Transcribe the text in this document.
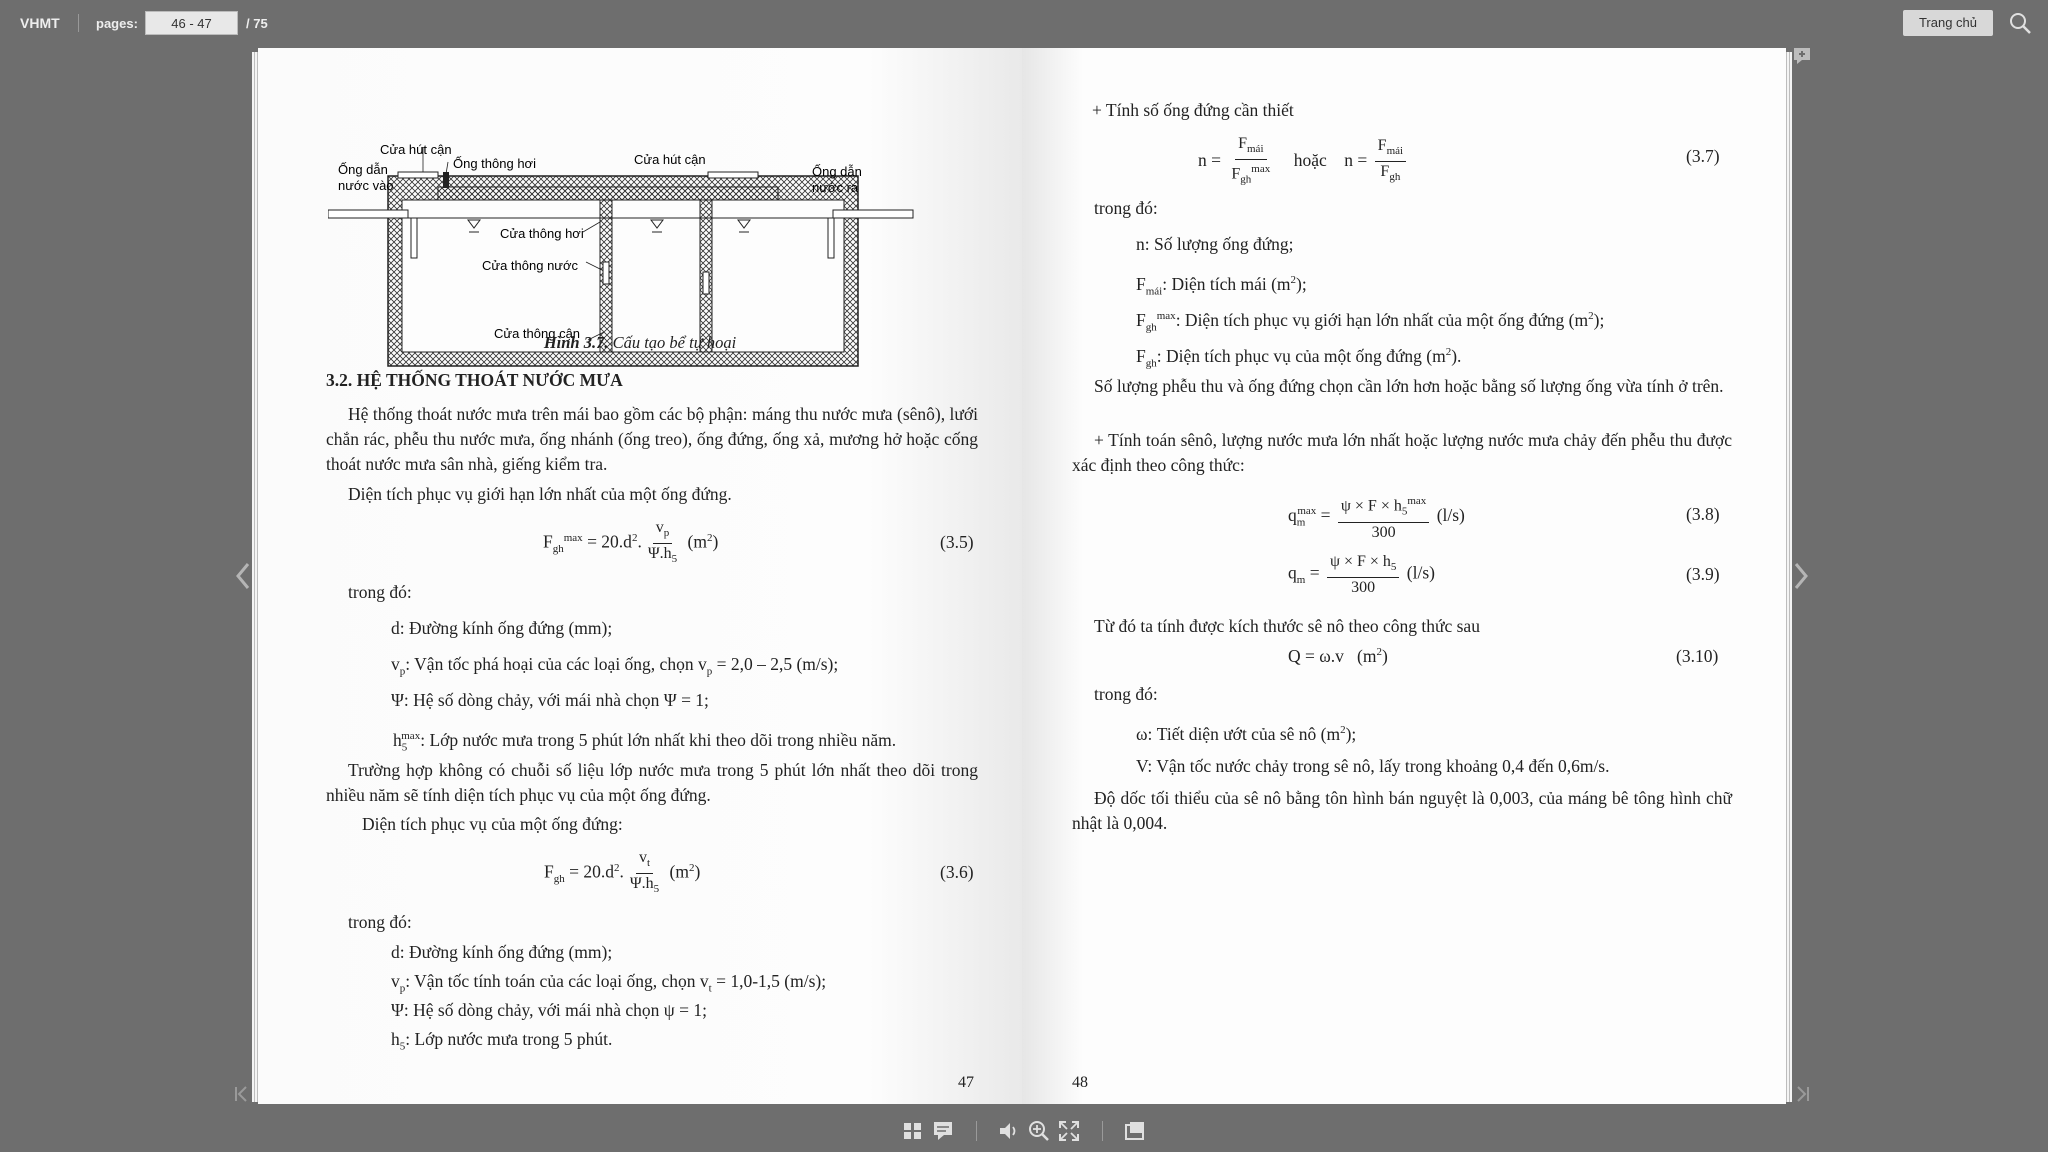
VHMT	pages:
46 - 47	/ 75	Trang chủ
Cửa hút cận
Ống thông hơi
Ống dẫn
nước vào
Cửa hút cận
Ống dẫn
nước ra
Cửa thông hơi
Cửa thông nước
Cửa thông cận
Hình 3.7. Cấu tạo bể tự hoại
3.2. HỆ THỐNG THOÁT NƯỚC MƯA
Hệ thống thoát nước mưa trên mái bao gồm các bộ phận: máng thu nước mưa (sênô), lưới chắn rác, phễu thu nước mưa, ống nhánh (ống treo), ống đứng, ống xả, mương hở hoặc cống thoát nước mưa sân nhà, giếng kiểm tra.
Diện tích phục vụ giới hạn lớn nhất của một ống đứng.
$F_{gh}^{max} = 20.d^2$. $\frac{v_p}{\Psi.h_5} (m^2)$	(3.5)
trong đó:
d: Đường kính ống đứng (mm);
$v_p$: Vận tốc phá hoại của các loại ống, chọn $v_p = 2,0 - 2,5$ (m/s);
Ψ: Hệ số dòng chảy, với mái nhà chọn Ψ = 1;
$h_5^{max}$: Lớp nước mưa trong 5 phút lớn nhất khi theo dõi trong nhiều năm.
Trường hợp không có chuỗi số liệu lớp nước mưa trong 5 phút lớn nhất theo dõi trong nhiều năm sẽ tính diện tích phục vụ của một ống đứng.
Diện tích phục vụ của một ống đứng:
$F_{gh} = 20.d^2$. $\frac{v_t}{\Psi.h_5} (m^2)$	(3.6)
trong đó:
d: Đường kính ống đứng (mm);
$v_p$: Vận tốc tính toán của các loại ống, chọn $v_t = 1,0-1,5$ (m/s);
Ψ: Hệ số dòng chảy, với mái nhà chọn ψ = 1;
$h_5$: Lớp nước mưa trong 5 phút.
47
+ Tính số ống đứng cần thiết
$n = \frac{F_{mái}}{F_{gh}^{max}}$ hoặc    $n = \frac{F_{mái}}{F_{gh}}$	(3.7)
trong đó:
n: Số lượng ống đứng;
$F_{mái}$: Diện tích mái $(m^2)$;
$F_{gh}^{max}$: Diện tích phục vụ giới hạn lớn nhất của một ống đứng $(m^2)$;
$F_{gh}$: Diện tích phục vụ của một ống đứng $(m^2)$.
Số lượng phễu thu và ống đứng chọn cần lớn hơn hoặc bằng số lượng ống vừa tính ở trên.
+ Tính toán sênô, lượng nước mưa lớn nhất hoặc lượng nước mưa chảy đến phễu thu được xác định theo công thức:
$q_m^{max} = \frac{\psi \times F \times h_5^{max}}{300} (l/s)$	(3.8)
$q_m = \frac{\psi \times F \times h_5}{300} (l/s)$	(3.9)
Từ đó ta tính được kích thước sê nô theo công thức sau
Q = ω.v   $(m^2)$	(3.10)
trong đó:
ω: Tiết diện ướt của sê nô $(m^2)$;
V: Vận tốc nước chảy trong sê nô, lấy trong khoảng 0,4 đến 0,6m/s.
Độ dốc tối thiểu của sê nô bằng tôn hình bán nguyệt là 0,003, của máng bê tông hình chữ nhật là 0,004.
48
